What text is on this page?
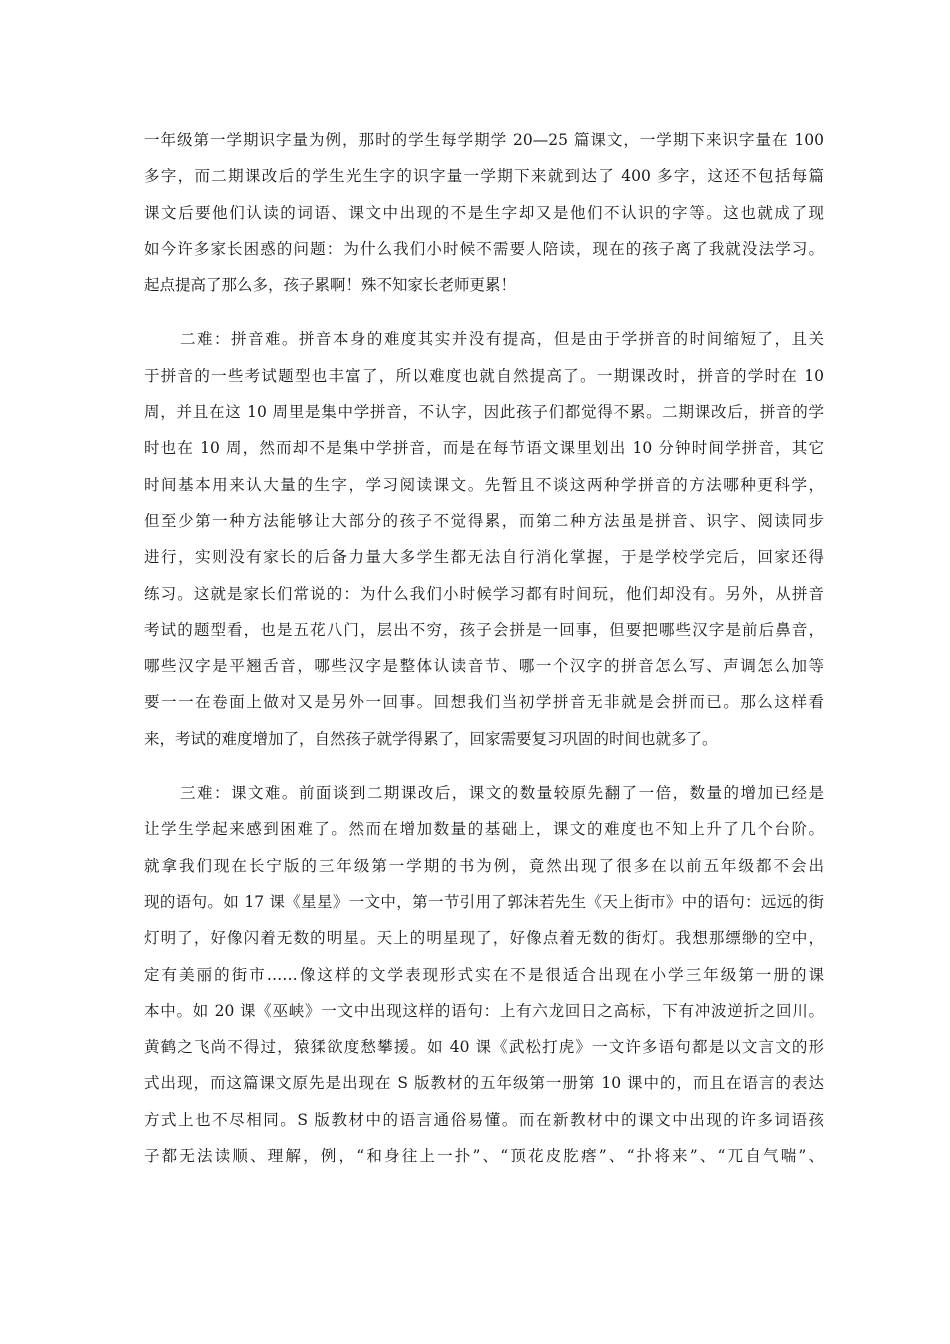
一年级第一学期识字量为例，那时的学生每学期学 20—25 篇课文，一学期下来识字量在 100
多字，而二期课改后的学生光生字的识字量一学期下来就到达了 400 多字，这还不包括每篇
课文后要他们认读的词语、课文中出现的不是生字却又是他们不认识的字等。这也就成了现
如今许多家长困惑的问题：为什么我们小时候不需要人陪读，现在的孩子离了我就没法学习。
起点提高了那么多，孩子累啊！殊不知家长老师更累！
二难：拼音难。拼音本身的难度其实并没有提高，但是由于学拼音的时间缩短了，且关
于拼音的一些考试题型也丰富了，所以难度也就自然提高了。一期课改时，拼音的学时在 10
周，并且在这 10 周里是集中学拼音，不认字，因此孩子们都觉得不累。二期课改后，拼音的学
时也在 10 周，然而却不是集中学拼音，而是在每节语文课里划出 10 分钟时间学拼音，其它
时间基本用来认大量的生字，学习阅读课文。先暂且不谈这两种学拼音的方法哪种更科学，
但至少第一种方法能够让大部分的孩子不觉得累，而第二种方法虽是拼音、识字、阅读同步
进行，实则没有家长的后备力量大多学生都无法自行消化掌握，于是学校学完后，回家还得
练习。这就是家长们常说的：为什么我们小时候学习都有时间玩，他们却没有。另外，从拼音
考试的题型看，也是五花八门，层出不穷，孩子会拼是一回事，但要把哪些汉字是前后鼻音，
哪些汉字是平翘舌音，哪些汉字是整体认读音节、哪一个汉字的拼音怎么写、声调怎么加等
要一一在卷面上做对又是另外一回事。回想我们当初学拼音无非就是会拼而已。那么这样看
来，考试的难度增加了，自然孩子就学得累了，回家需要复习巩固的时间也就多了。
三难：课文难。前面谈到二期课改后，课文的数量较原先翻了一倍，数量的增加已经是
让学生学起来感到困难了。然而在增加数量的基础上，课文的难度也不知上升了几个台阶。
就拿我们现在长宁版的三年级第一学期的书为例，竟然出现了很多在以前五年级都不会出
现的语句。如 17 课《星星》一文中，第一节引用了郭沫若先生《天上街市》中的语句：远远的街
灯明了，好像闪着无数的明星。天上的明星现了，好像点着无数的街灯。我想那缥缈的空中，
定有美丽的街市……像这样的文学表现形式实在不是很适合出现在小学三年级第一册的课
本中。如 20 课《巫峡》一文中出现这样的语句：上有六龙回日之高标，下有冲波逆折之回川。
黄鹤之飞尚不得过，猿猱欲度愁攀援。如 40 课《武松打虎》一文许多语句都是以文言文的形
式出现，而这篇课文原先是出现在 S 版教材的五年级第一册第 10 课中的，而且在语言的表达
方式上也不尽相同。S 版教材中的语言通俗易懂。而在新教材中的课文中出现的许多词语孩
子都无法读顺、理解，例，“和身往上一扑”、“顶花皮肐瘩”、“扑将来”、“兀自气喘”、
